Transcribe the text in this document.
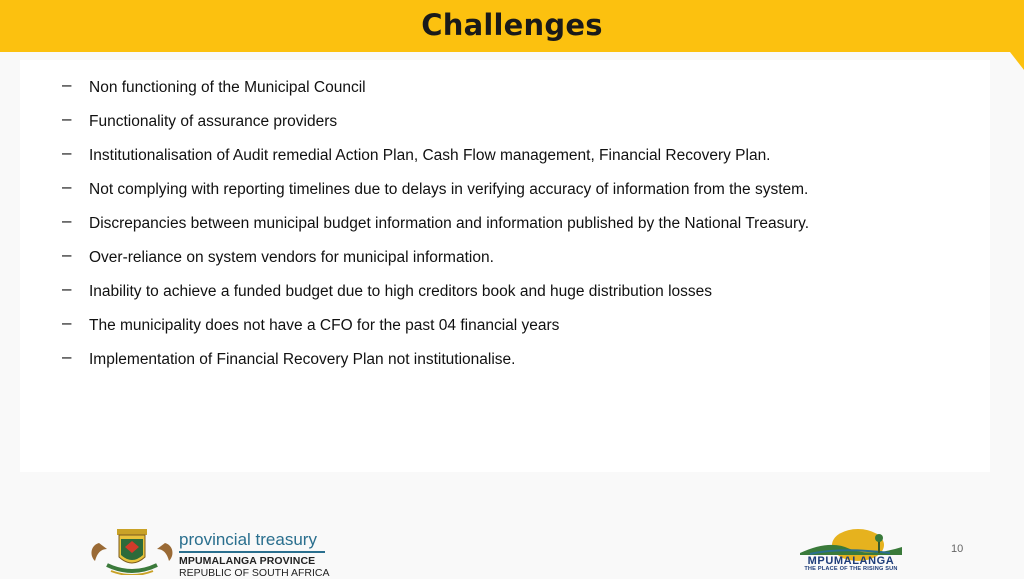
Challenges
– Non functioning of the Municipal Council
– Functionality of assurance providers
– Institutionalisation of Audit remedial Action Plan, Cash Flow management, Financial Recovery Plan.
– Not complying with reporting timelines due to delays in verifying accuracy of information from the system.
– Discrepancies between municipal budget information and information published by the National Treasury.
– Over-reliance on system vendors for municipal information.
– Inability to achieve a funded budget due to high creditors book and huge distribution losses
– The municipality does not have a CFO for the past 04 financial years
– Implementation of Financial Recovery Plan not institutionalise.
provincial treasury
MPUMALANGA PROVINCE
REPUBLIC OF SOUTH AFRICA
MPUMALANGA
THE PLACE OF THE RISING SUN
10
